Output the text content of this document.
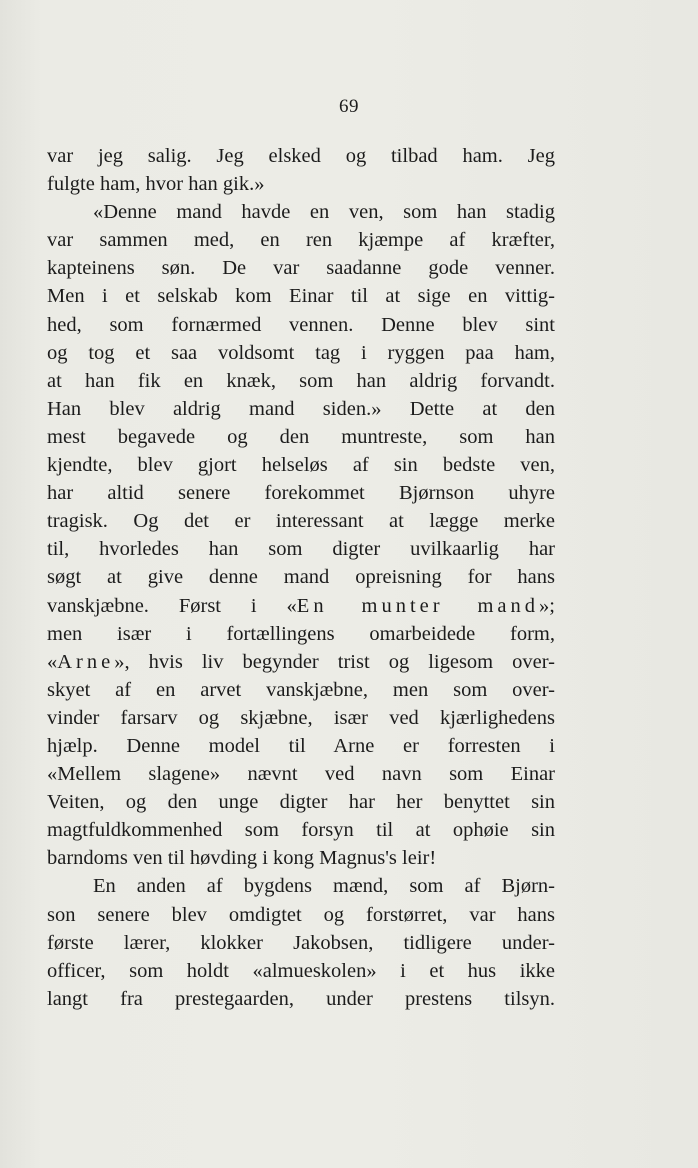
69
var jeg salig. Jeg elsked og tilbad ham. Jeg
fulgte ham, hvor han gik.»
«Denne mand havde en ven, som han stadig
var sammen med, en ren kjæmpe af kræfter,
kapteinens søn. De var saadanne gode venner.
Men i et selskab kom Einar til at sige en vittig-
hed, som fornærmed vennen. Denne blev sint
og tog et saa voldsomt tag i ryggen paa ham,
at han fik en knæk, som han aldrig forvandt.
Han blev aldrig mand siden.» Dette at den
mest begavede og den muntreste, som han
kjendte, blev gjort helseløs af sin bedste ven,
har altid senere forekommet Bjørnson uhyre
tragisk. Og det er interessant at lægge merke
til, hvorledes han som digter uvilkaarlig har
søgt at give denne mand opreisning for hans
vanskjæbne. Først i «En munter mand»;
men især i fortællingens omarbeidede form,
«Arne», hvis liv begynder trist og ligesom over-
skyet af en arvet vanskjæbne, men som over-
vinder farsarv og skjæbne, især ved kjærlighedens
hjælp. Denne model til Arne er forresten i
«Mellem slagene» nævnt ved navn som Einar
Veiten, og den unge digter har her benyttet sin
magtfuldkommenhed som forsyn til at ophøie sin
barndoms ven til høvding i kong Magnus's leir!
En anden af bygdens mænd, som af Bjørn-
son senere blev omdigtet og forstørret, var hans
første lærer, klokker Jakobsen, tidligere under-
officer, som holdt «almueskolen» i et hus ikke
langt fra prestegaarden, under prestens tilsyn.
